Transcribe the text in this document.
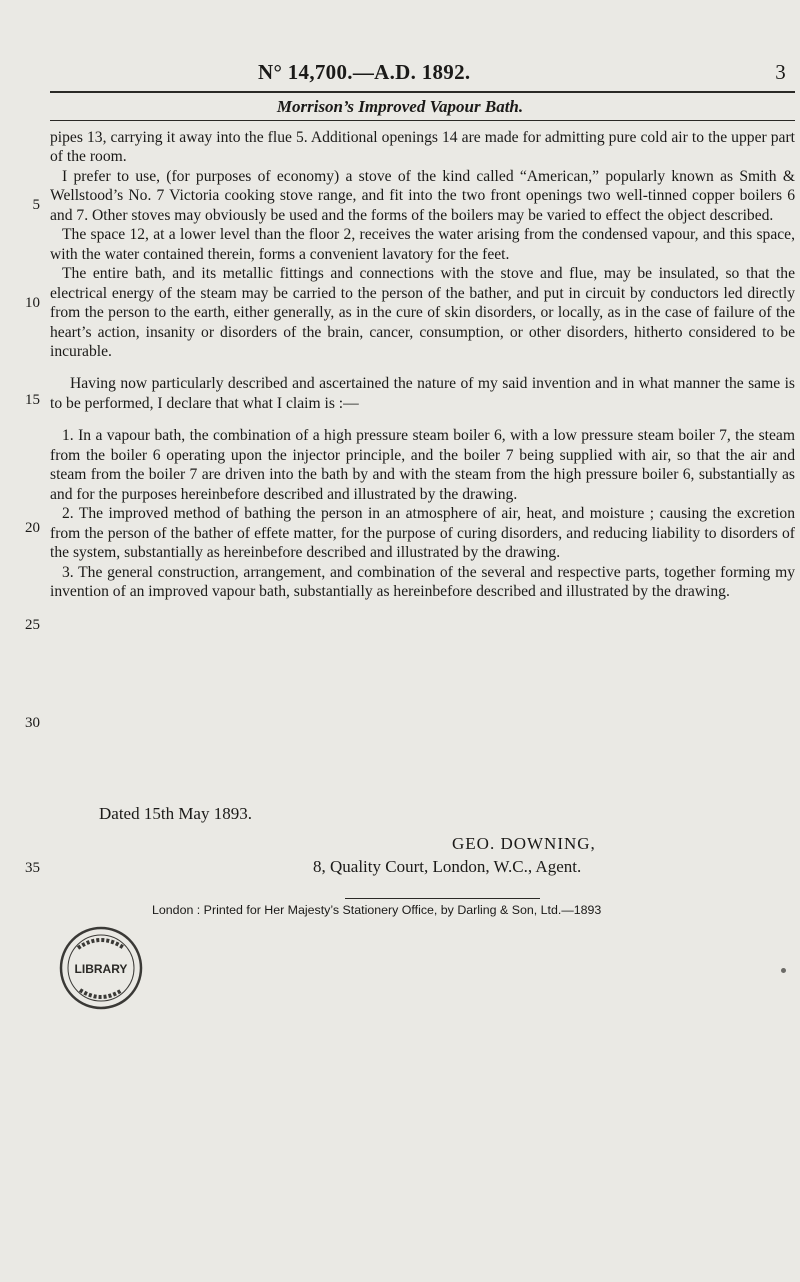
N° 14,700.—A.D. 1892.	3
Morrison’s Improved Vapour Bath.
5
10
15
20
25
30
35

pipes 13, carrying it away into the flue 5. Additional openings 14 are made for admitting pure cold air to the upper part of the room.

I prefer to use, (for purposes of economy) a stove of the kind called “American,” popularly known as Smith & Wellstood’s No. 7 Victoria cooking stove range, and fit into the two front openings two well-tinned copper boilers 6 and 7. Other stoves may obviously be used and the forms of the boilers may be varied to effect the object described.

The space 12, at a lower level than the floor 2, receives the water arising from the condensed vapour, and this space, with the water contained therein, forms a convenient lavatory for the feet.

The entire bath, and its metallic fittings and connections with the stove and flue, may be insulated, so that the electrical energy of the steam may be carried to the person of the bather, and put in circuit by conductors led directly from the person to the earth, either generally, as in the cure of skin disorders, or locally, as in the case of failure of the heart’s action, insanity or disorders of the brain, cancer, consumption, or other disorders, hitherto considered to be incurable.

Having now particularly described and ascertained the nature of my said invention and in what manner the same is to be performed, I declare that what I claim is :—

1. In a vapour bath, the combination of a high pressure steam boiler 6, with a low pressure steam boiler 7, the steam from the boiler 6 operating upon the injector principle, and the boiler 7 being supplied with air, so that the air and steam from the boiler 7 are driven into the bath by and with the steam from the high pressure boiler 6, substantially as and for the purposes hereinbefore described and illustrated by the drawing.

2. The improved method of bathing the person in an atmosphere of air, heat, and moisture ; causing the excretion from the person of the bather of effete matter, for the purpose of curing disorders, and reducing liability to disorders of the system, substantially as hereinbefore described and illustrated by the drawing.

3. The general construction, arrangement, and combination of the several and respective parts, together forming my invention of an improved vapour bath, substantially as hereinbefore described and illustrated by the drawing.

Dated 15th May 1893.
GEO. DOWNING,
8, Quality Court, London, W.C., Agent.
London : Printed for Her Majesty’s Stationery Office, by Darling & Son, Ltd.—1893
LIBRARY
